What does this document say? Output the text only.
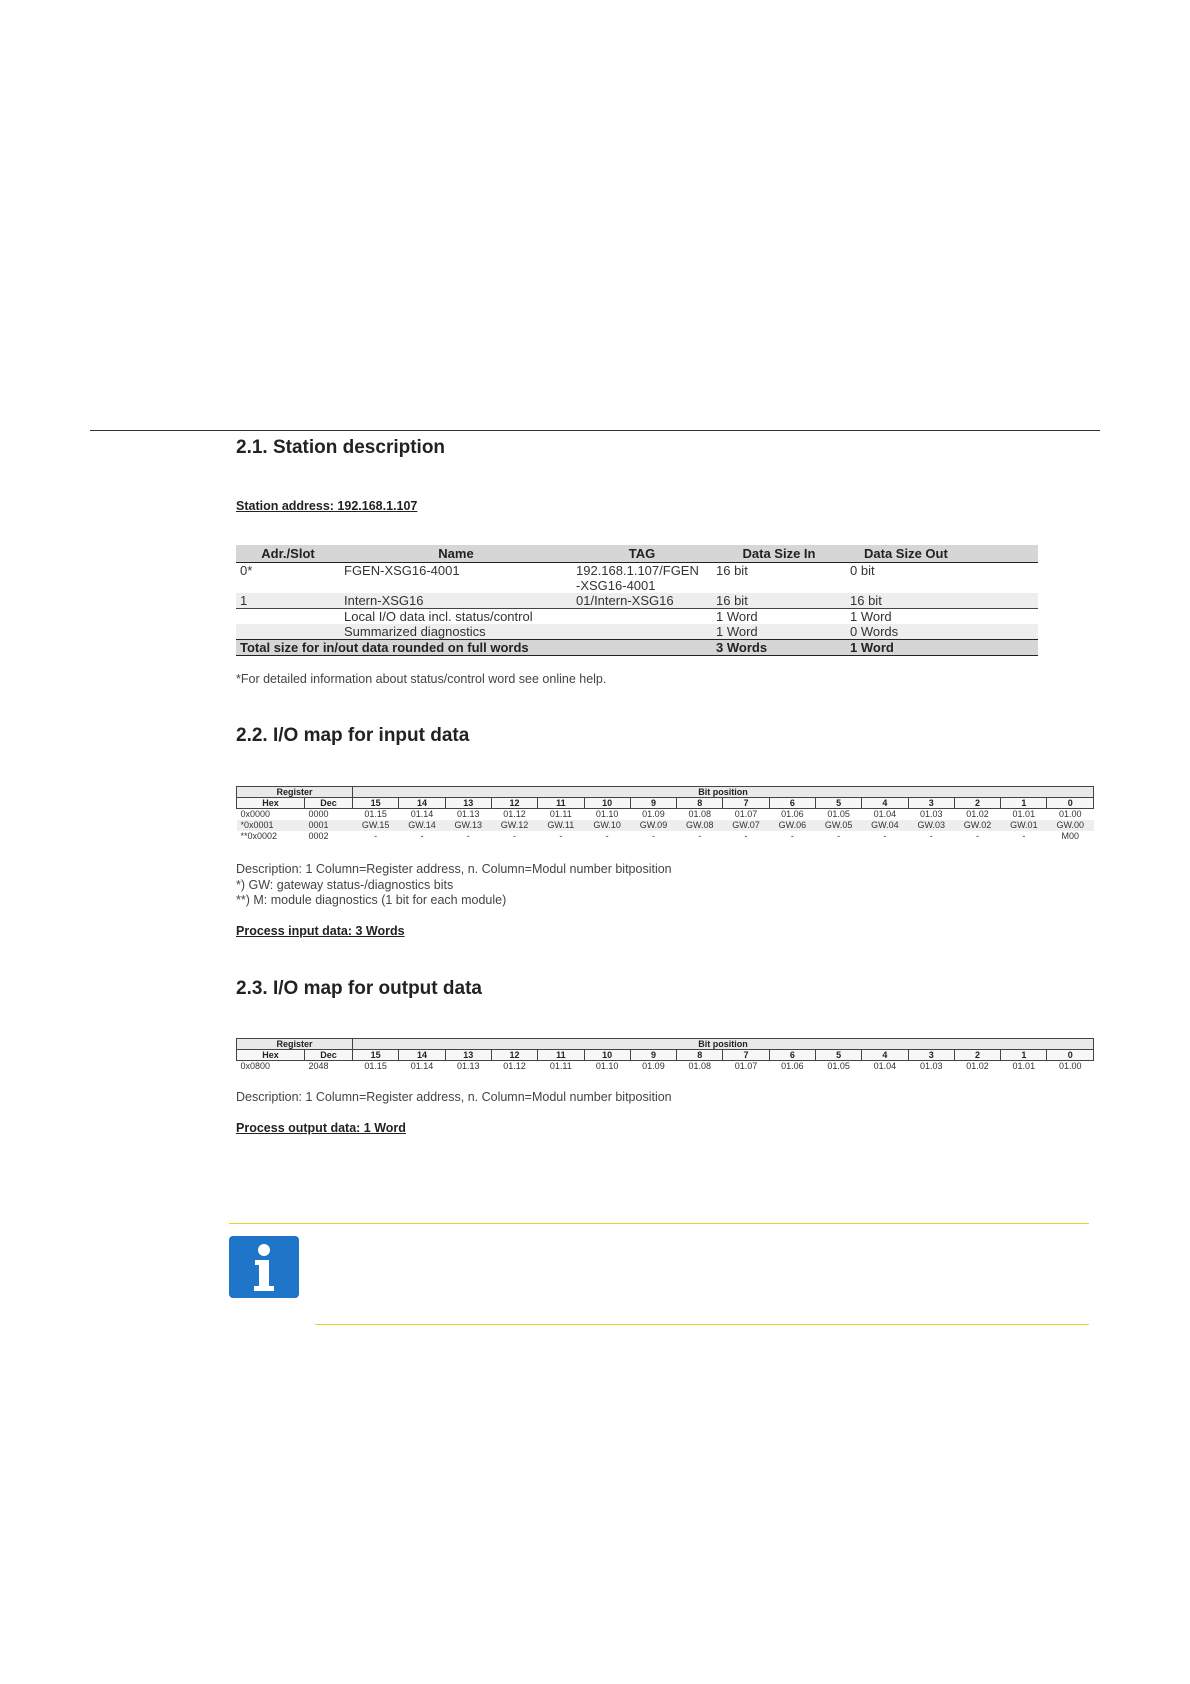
2.1. Station description
Station address: 192.168.1.107
Adr./Slot	Name	TAG	Data Size In	Data Size Out
0*	FGEN-XSG16-4001	192.168.1.107/FGEN	16 bit	0 bit
		-XSG16-4001		
1	Intern-XSG16	01/Intern-XSG16	16 bit	16 bit
	Local I/O data incl. status/control		1 Word	1 Word
	Summarized diagnostics		1 Word	0 Words
Total size for in/out data rounded on full words			3 Words	1 Word
*For detailed information about status/control word see online help.
2.2. I/O map for input data
Register		Bit position															
Hex	Dec	15	14	13	12	11	10	9	8	7	6	5	4	3	2	1	0
0x0000	0000	01.15	01.14	01.13	01.12	01.11	01.10	01.09	01.08	01.07	01.06	01.05	01.04	01.03	01.02	01.01	01.00
*0x0001	0001	GW.15	GW.14	GW.13	GW.12	GW.11	GW.10	GW.09	GW.08	GW.07	GW.06	GW.05	GW.04	GW.03	GW.02	GW.01	GW.00
**0x0002	0002	-	-	-	-	-	-	-	-	-	-	-	-	-	-	-	M00
Description: 1 Column=Register address, n. Column=Modul number bitposition
*) GW: gateway status-/diagnostics bits
**) M: module diagnostics (1 bit for each module)
Process input data: 3 Words
2.3. I/O map for output data
Register		Bit position															
Hex	Dec	15	14	13	12	11	10	9	8	7	6	5	4	3	2	1	0
0x0800	2048	01.15	01.14	01.13	01.12	01.11	01.10	01.09	01.08	01.07	01.06	01.05	01.04	01.03	01.02	01.01	01.00
Description: 1 Column=Register address, n. Column=Modul number bitposition
Process output data: 1 Word
